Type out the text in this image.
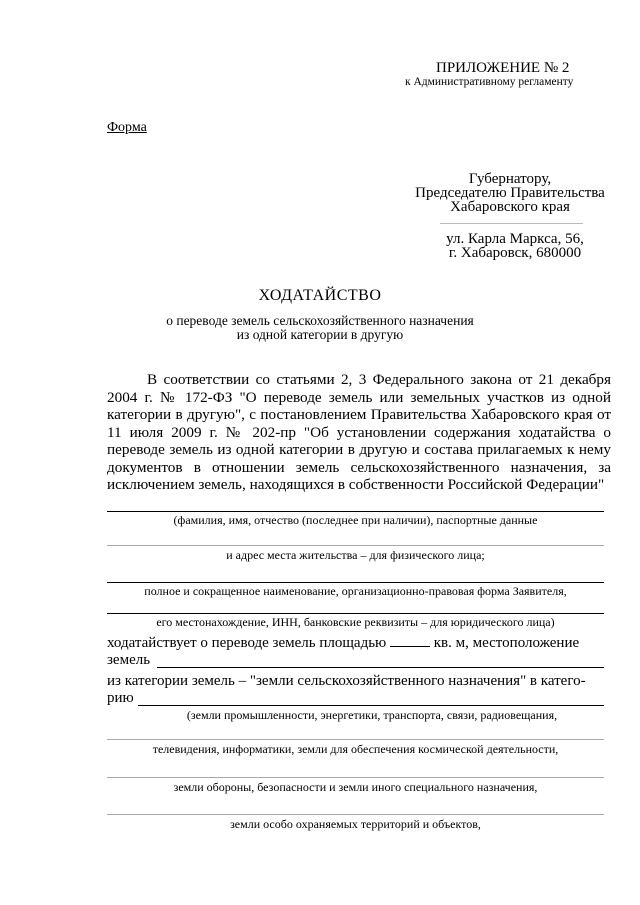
ПРИЛОЖЕНИЕ № 2
к Административному регламенту
Форма
Губернатору,
Председателю Правительства
Хабаровского края
ул. Карла Маркса, 56,
г. Хабаровск, 680000
ХОДАТАЙСТВО
о переводе земель сельскохозяйственного назначения
из одной категории в другую
В соответствии со статьями 2, 3 Федерального закона от 21 декабря 2004 г. № 172-ФЗ "О переводе земель или земельных участков из одной категории в другую", с постановлением Правительства Хабаровского края от 11 июля 2009 г. № 202-пр "Об установлении содержания ходатайства о переводе земель из одной категории в другую и состава прилагаемых к нему документов в отношении земель сельскохозяйственного назначения, за исключением земель, находящихся в собственности Российской Федерации"
(фамилия, имя, отчество (последнее при наличии), паспортные данные
и адрес места жительства – для физического лица;
полное и сокращенное наименование, организационно-правовая форма Заявителя,
его местонахождение, ИНН, банковские реквизиты – для юридического лица)
ходатайствует о переводе земель площадью	кв. м, местоположение
земель
из категории земель – "земли сельскохозяйственного назначения" в катего-
рию
(земли промышленности, энергетики, транспорта, связи, радиовещания,
телевидения, информатики, земли для обеспечения космической деятельности,
земли обороны, безопасности и земли иного специального назначения,
земли особо охраняемых территорий и объектов,
